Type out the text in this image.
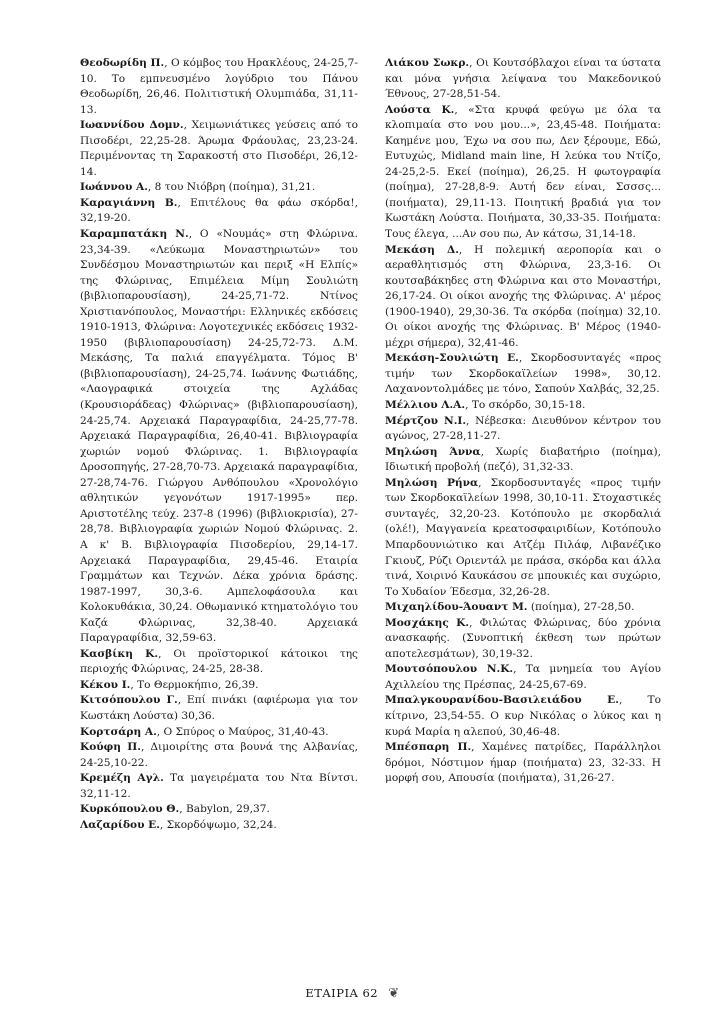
Θεοδωρίδη Π., Ο κόμβος του Ηρακλέους, 24-25,7-10. Το εμπνευσμένο λογύδριο του Πάνου Θεοδωρίδη, 26,46. Πολιτιστική Ολυμπιάδα, 31,11-13.

Ιωαννίδου Δομν., Χειμωνιάτικες γεύσεις από το Πισοδέρι, 22,25-28. Άρωμα Φράουλας, 23,23-24. Περιμένοντας τη Σαρακοστή στο Πισοδέρι, 26,12-14.

Ιωάννου Α., 8 του Νιόβρη (ποίημα), 31,21.

Καραγιάννη Β., Επιτέλους θα φάω σκόρδα!, 32,19-20.

Καραμπατάκη Ν., Ο «Νουμάς» στη Φλώρινα. 23,34-39. «Λεύκωμα Μοναστηριωτών» του Συνδέσμου Μοναστηριωτών και περιξ «Η Ελπίς» της Φλώρινας, Επιμέλεια Μίμη Σουλιώτη (βιβλιοπαρουσίαση), 24-25,71-72. Ντίνος Χριστιανόπουλος, Μοναστήρι: Ελληνικές εκδόσεις 1910-1913, Φλώρινα: Λογοτεχνικές εκδόσεις 1932-1950 (βιβλιοπαρουσίαση) 24-25,72-73. Δ.Μ. Μεκάσης, Τα παλιά επαγγέλματα. Τόμος Β' (βιβλιοπαρουσίαση), 24-25,74. Ιωάννης Φωτιάδης, «Λαογραφικά στοιχεία της Αχλάδας (Κρουσιοράδεας) Φλώρινας» (βιβλιοπαρουσίαση), 24-25,74. Αρχειακά Παραγραφίδια, 24-25,77-78. Αρχειακά Παραγραφίδια, 26,40-41. Βιβλιογραφία χωριών νομού Φλώρινας. 1. Βιβλιογραφία Δροσοπηγής, 27-28,70-73. Αρχειακά παραγραφίδια, 27-28,74-76. Γιώργου Ανθόπουλου «Χρονολόγιο αθλητικών γεγονότων 1917-1995» περ. Αριστοτέλης τεύχ. 237-8 (1996) (βιβλιοκρισία), 27-28,78. Βιβλιογραφία χωριών Νομού Φλώρινας. 2. Α κ' Β. Βιβλιογραφία Πισοδερίου, 29,14-17. Αρχειακά Παραγραφίδια, 29,45-46. Εταιρία Γραμμάτων και Τεχνών. Δέκα χρόνια δράσης. 1987-1997, 30,3-6. Αμπελοφάσουλα και Κολοκυθάκια, 30,24. Οθωμανικό κτηματολόγιο του Καζά Φλώρινας, 32,38-40. Αρχειακά Παραγραφίδια, 32,59-63.

Κασβίκη Κ., Οι προϊστορικοί κάτοικοι της περιοχής Φλώρινας, 24-25, 28-38.

Κέκου Ι., Το Θερμοκήπιο, 26,39.

Κιτσόπουλου Γ., Επί πινάκι (αφιέρωμα για τον Κωστάκη Λούστα) 30,36.

Κορτσάρη Α., Ο Σπύρος ο Μαύρος, 31,40-43.

Κούφη Π., Διμοιρίτης στα βουνά της Αλβανίας, 24-25,10-22.

Κρεμέζη Αγλ. Τα μαγειρέματα του Ντα Βίντσι. 32,11-12.

Κυρκόπουλου Θ., Babylon, 29,37.

Λαζαρίδου Ε., Σκορδόψωμο, 32,24.

Λιάκου Σωκρ., Οι Κουτσόβλαχοι είναι τα ύστατα και μόνα γνήσια λείψανα του Μακεδονικού Έθνους, 27-28,51-54.

Λούστα Κ., «Στα κρυφά φεύγω με όλα τα κλοπιμαία στο νου μου...», 23,45-48. Ποιήματα: Καημένε μου, Έχω να σου πω, Δεν ξέρουμε, Εδώ, Ευτυχώς, Midland main line, Η λεύκα του Ντίζο, 24-25,2-5. Εκεί (ποίημα), 26,25. Η φωτογραφία (ποίημα), 27-28,8-9. Αυτή δεν είναι, Σσσσς... (ποιήματα), 29,11-13. Ποιητική βραδιά για τον Κωστάκη Λούστα. Ποιήματα, 30,33-35. Ποιήματα: Τους έλεγα, ...Αν σου πω, Αν κάτσω, 31,14-18.

Μεκάση Δ., Η πολεμική αεροπορία και ο αεραθλητισμός στη Φλώρινα, 23,3-16. Οι κουτσαβάκηδες στη Φλώρινα και στο Μοναστήρι, 26,17-24. Οι οίκοι ανοχής της Φλώρινας. Α' μέρος (1900-1940), 29,30-36. Τα σκόρδα (ποίημα) 32,10. Οι οίκοι ανοχής της Φλώρινας. Β' Μέρος (1940-μέχρι σήμερα), 32,41-46.

Μεκάση-Σουλιώτη Ε., Σκορδοσυνταγές «προς τιμήν των Σκορδοκαϊλείων 1998», 30,12. Λαχανοντολμάδες με τόνο, Σαπούν Χαλβάς, 32,25.

Μέλλιου Λ.Α., Το σκόρδο, 30,15-18.

Μέρτζου Ν.Ι., Νέβεσκα: Διευθύνον κέντρον του αγώνος, 27-28,11-27.

Μηλώση Άννα, Χωρίς διαβατήριο (ποίημα), Ιδιωτική προβολή (πεζό), 31,32-33.

Μηλώση Ρήνα, Σκορδοσυνταγές «προς τιμήν των Σκορδοκαϊλείων 1998, 30,10-11. Στοχαστικές συνταγές, 32,20-23. Κοτόπουλο με σκορδαλιά (ολέ!), Μαγγανεία κρεατοσφαιριδίων, Κοτόπουλο Μπαρδουνιώτικο και Ατζέμ Πιλάφ, Λιβανέζικο Γκιουζ, Ρύζι Οριεντάλ με πράσα, σκόρδα και άλλα τινά, Χοιρινό Καυκάσου σε μπουκιές και συχώριο, Το Χυδαίον Έδεσμα, 32,26-28.

Μιχαηλίδου-Άουαντ Μ. (ποίημα), 27-28,50.

Μοσχάκης Κ., Φιλώτας Φλώρινας, δύο χρόνια ανασκαφής. (Συνοπτική έκθεση των πρώτων αποτελεσμάτων), 30,19-32.

Μουτσόπουλου Ν.Κ., Τα μνημεία του Αγίου Αχιλλείου της Πρέσπας, 24-25,67-69.

Μπαλγκουρανίδου-Βασιλειάδου Ε., Το κίτρινο, 23,54-55. Ο κυρ Νικόλας ο λύκος και η κυρά Μαρία η αλεπού, 30,46-48.

Μπέσπαρη Π., Χαμένες πατρίδες, Παράλληλοι δρόμοι, Νόστιμον ήμαρ (ποιήματα) 23, 32-33. Η μορφή σου, Απουσία (ποιήματα), 31,26-27.

ΕΤΑΙΡΙΑ 62 ❦
